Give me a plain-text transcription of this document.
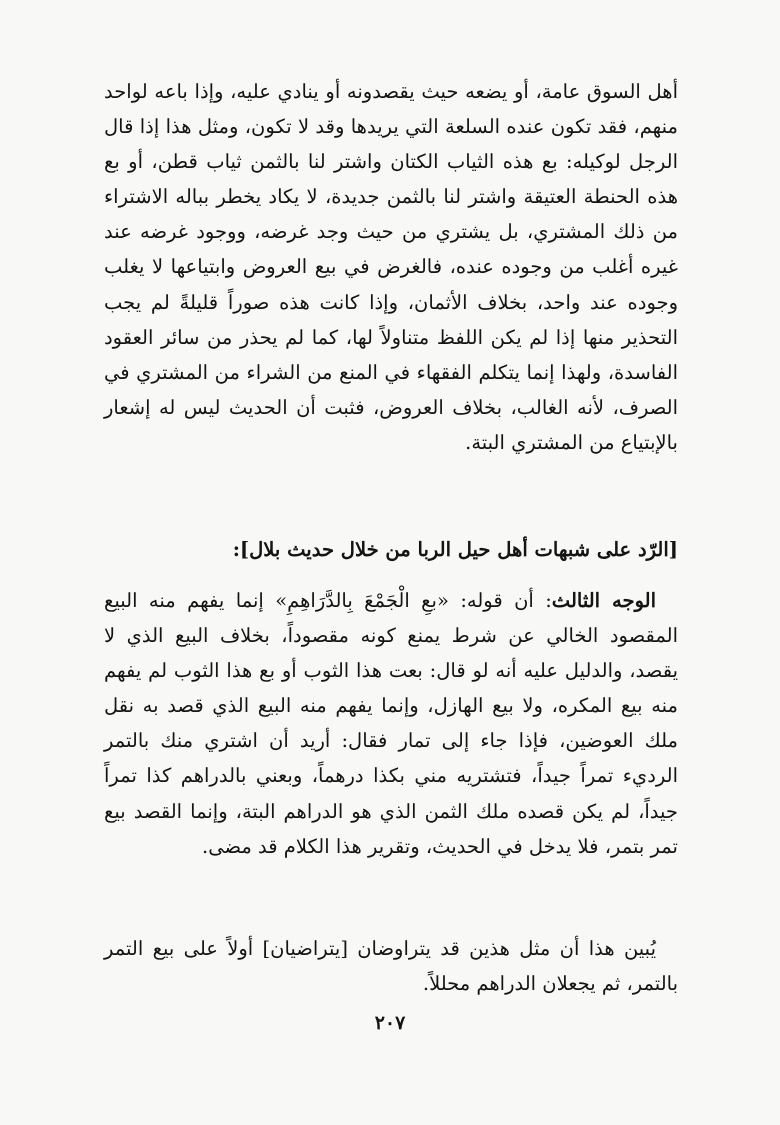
أهل السوق عامة، أو يضعه حيث يقصدونه أو ينادي عليه، وإذا باعه لواحد منهم، فقد تكون عنده السلعة التي يريدها وقد لا تكون، ومثل هذا إذا قال الرجل لوكيله: بع هذه الثياب الكتان واشتر لنا بالثمن ثياب قطن، أو بع هذه الحنطة العتيقة واشتر لنا بالثمن جديدة، لا يكاد يخطر بباله الاشتراء من ذلك المشتري، بل يشتري من حيث وجد غرضه، ووجود غرضه عند غيره أغلب من وجوده عنده، فالغرض في بيع العروض وابتياعها لا يغلب وجوده عند واحد، بخلاف الأثمان، وإذا كانت هذه صوراً قليلةً لم يجب التحذير منها إذا لم يكن اللفظ متناولاً لها، كما لم يحذر من سائر العقود الفاسدة، ولهذا إنما يتكلم الفقهاء في المنع من الشراء من المشتري في الصرف، لأنه الغالب، بخلاف العروض، فثبت أن الحديث ليس له إشعار بالإبتياع من المشتري البتة.

[الرّد على شبهات أهل حيل الربا من خلال حديث بلال]:

الوجه الثالث: أن قوله: «بعِ الْجَمْعَ بِالدَّرَاهِمِ» إنما يفهم منه البيع المقصود الخالي عن شرط يمنع كونه مقصوداً، بخلاف البيع الذي لا يقصد، والدليل عليه أنه لو قال: بعت هذا الثوب أو بع هذا الثوب لم يفهم منه بيع المكره، ولا بيع الهازل، وإنما يفهم منه البيع الذي قصد به نقل ملك العوضين، فإذا جاء إلى تمار فقال: أريد أن اشتري منك بالتمر الرديء تمراً جيداً، فتشتريه مني بكذا درهماً، وبعني بالدراهم كذا تمراً جيداً، لم يكن قصده ملك الثمن الذي هو الدراهم البتة، وإنما القصد بيع تمر بتمر، فلا يدخل في الحديث، وتقرير هذا الكلام قد مضى.

يُبين هذا أن مثل هذين قد يتراوضان [يتراضيان] أولاً على بيع التمر بالتمر، ثم يجعلان الدراهم محللاً.

٢٠٧
